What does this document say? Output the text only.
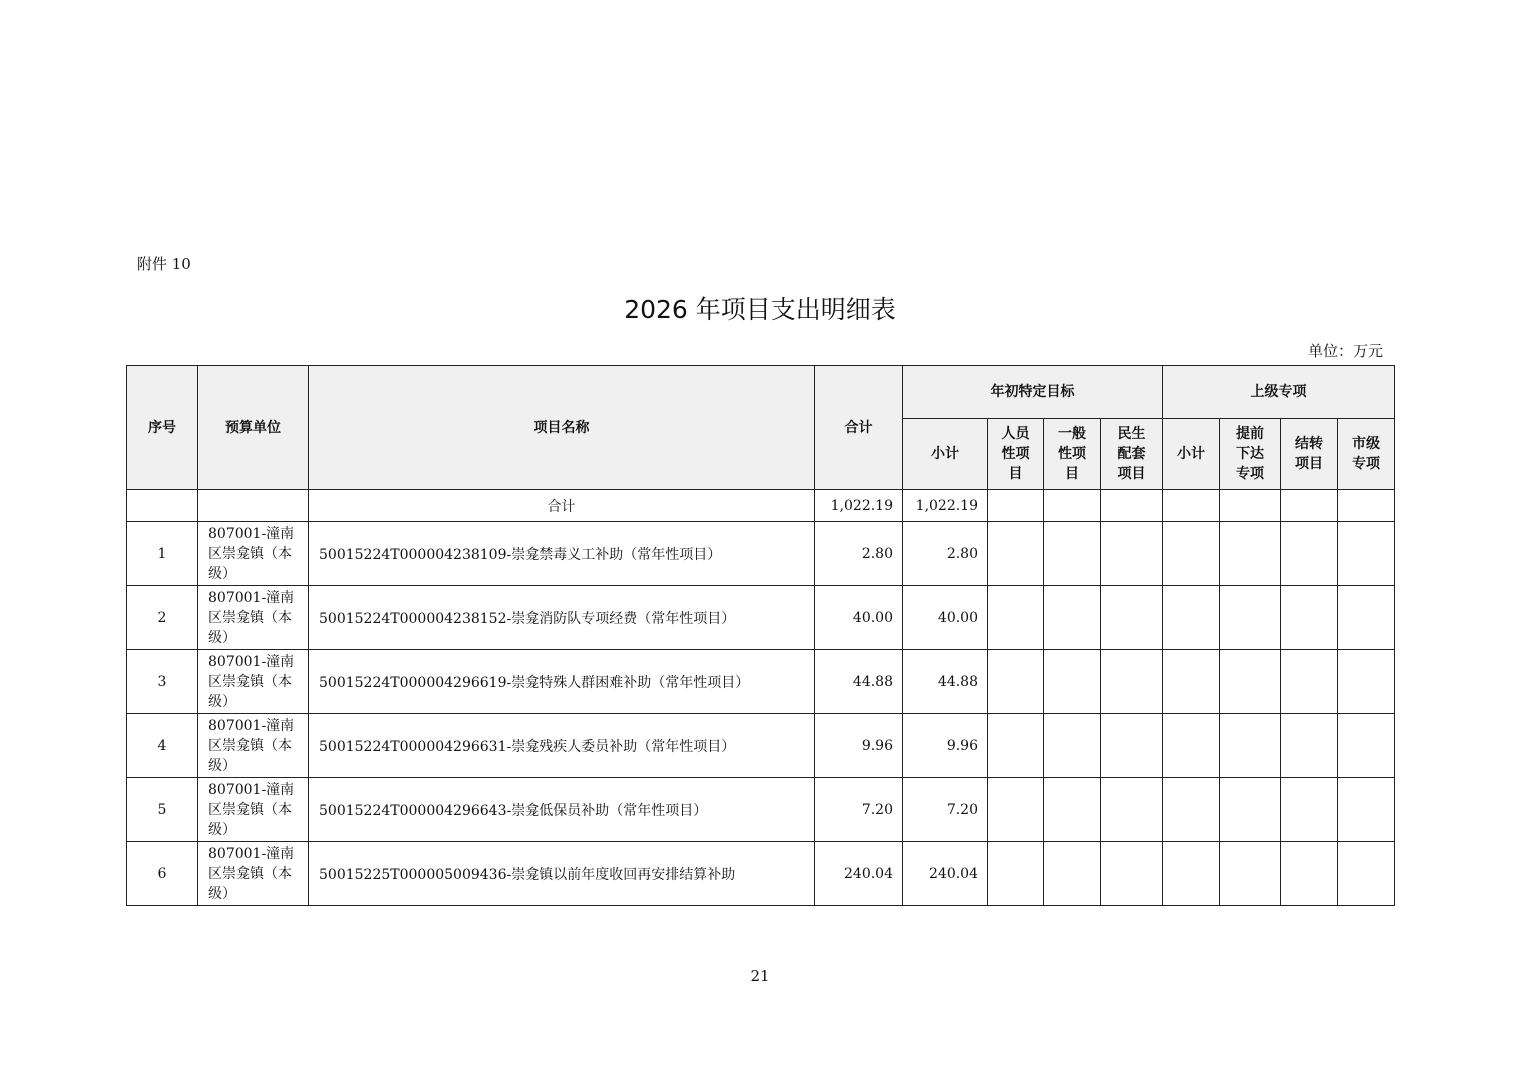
附件 10
2026 年项目支出明细表
单位：万元
序号	预算单位	项目名称	合计	年初特定目标				上级专项			
				小计	人员性项目	一般性项目	民生配套项目	小计	提前下达专项	结转项目	市级专项
		合计	1,022.19	1,022.19							
1	807001-潼南区崇龛镇（本级）	50015224T000004238109-崇龛禁毒义工补助（常年性项目）	2.80	2.80							
2	807001-潼南区崇龛镇（本级）	50015224T000004238152-崇龛消防队专项经费（常年性项目）	40.00	40.00							
3	807001-潼南区崇龛镇（本级）	50015224T000004296619-崇龛特殊人群困难补助（常年性项目）	44.88	44.88							
4	807001-潼南区崇龛镇（本级）	50015224T000004296631-崇龛残疾人委员补助（常年性项目）	9.96	9.96							
5	807001-潼南区崇龛镇（本级）	50015224T000004296643-崇龛低保员补助（常年性项目）	7.20	7.20							
6	807001-潼南区崇龛镇（本级）	50015225T000005009436-崇龛镇以前年度收回再安排结算补助	240.04	240.04							
21
